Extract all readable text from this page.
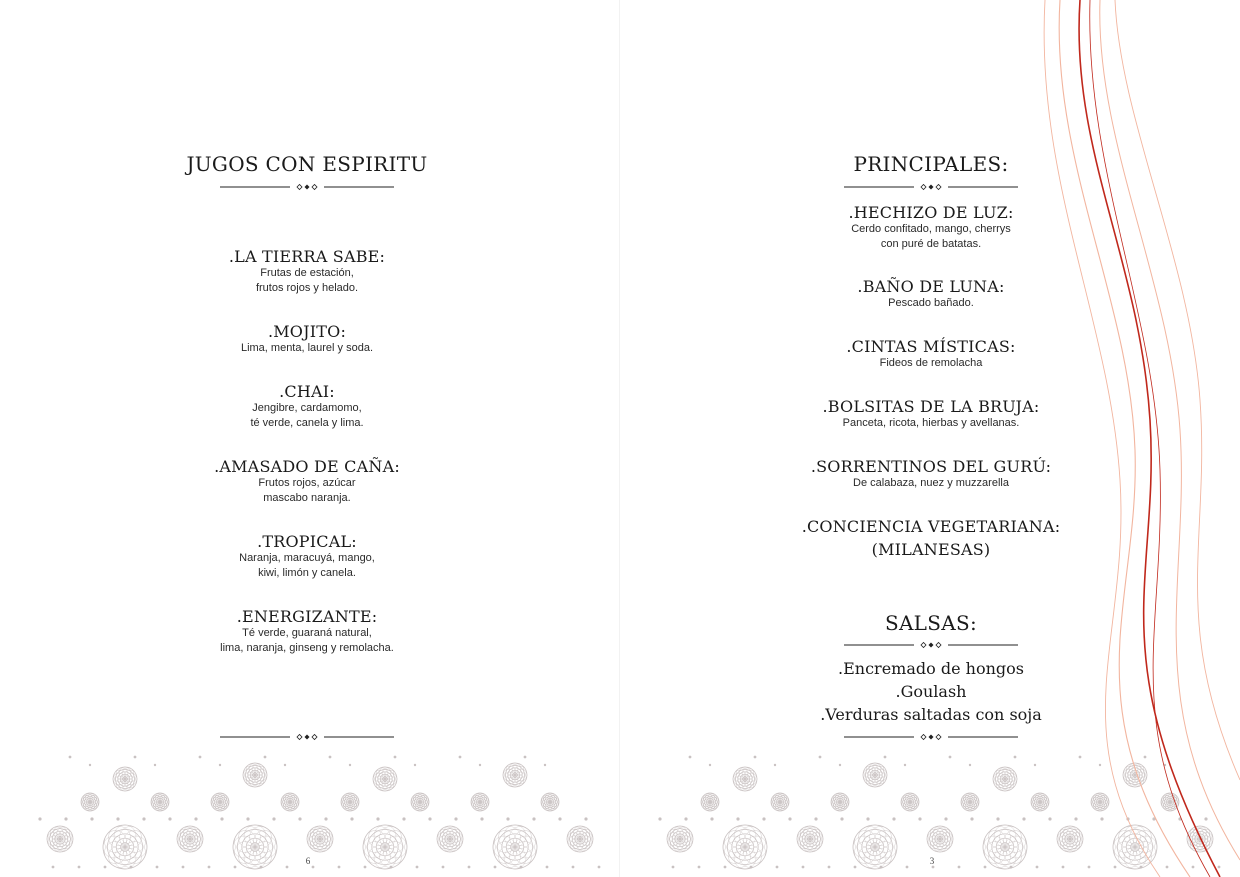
JUGOS CON ESPIRITU

.LA TIERRA SABE:

Frutas de estación,

frutos rojos y helado.

.MOJITO:

Lima, menta, laurel y soda.

.CHAI:

Jengibre, cardamomo,

té verde, canela y lima.

.AMASADO DE CAÑA:

Frutos rojos, azúcar

mascabo naranja.

.TROPICAL:

Naranja, maracuyá, mango,

kiwi, limón y canela.

.ENERGIZANTE:

Té verde, guaraná natural,

lima, naranja, ginseng y remolacha.

6
PRINCIPALES:

.HECHIZO DE LUZ:

Cerdo confitado, mango, cherrys

con puré de batatas.

.BAÑO DE LUNA:

Pescado bañado.

.CINTAS MÍSTICAS:

Fideos de remolacha

.BOLSITAS DE LA BRUJA:

Panceta, ricota, hierbas y avellanas.

.SORRENTINOS DEL GURÚ:

De calabaza, nuez y muzzarella

.CONCIENCIA VEGETARIANA:

(MILANESAS)

SALSAS:
.Encremado de hongos
.Goulash
.Verduras saltadas con soja
3
